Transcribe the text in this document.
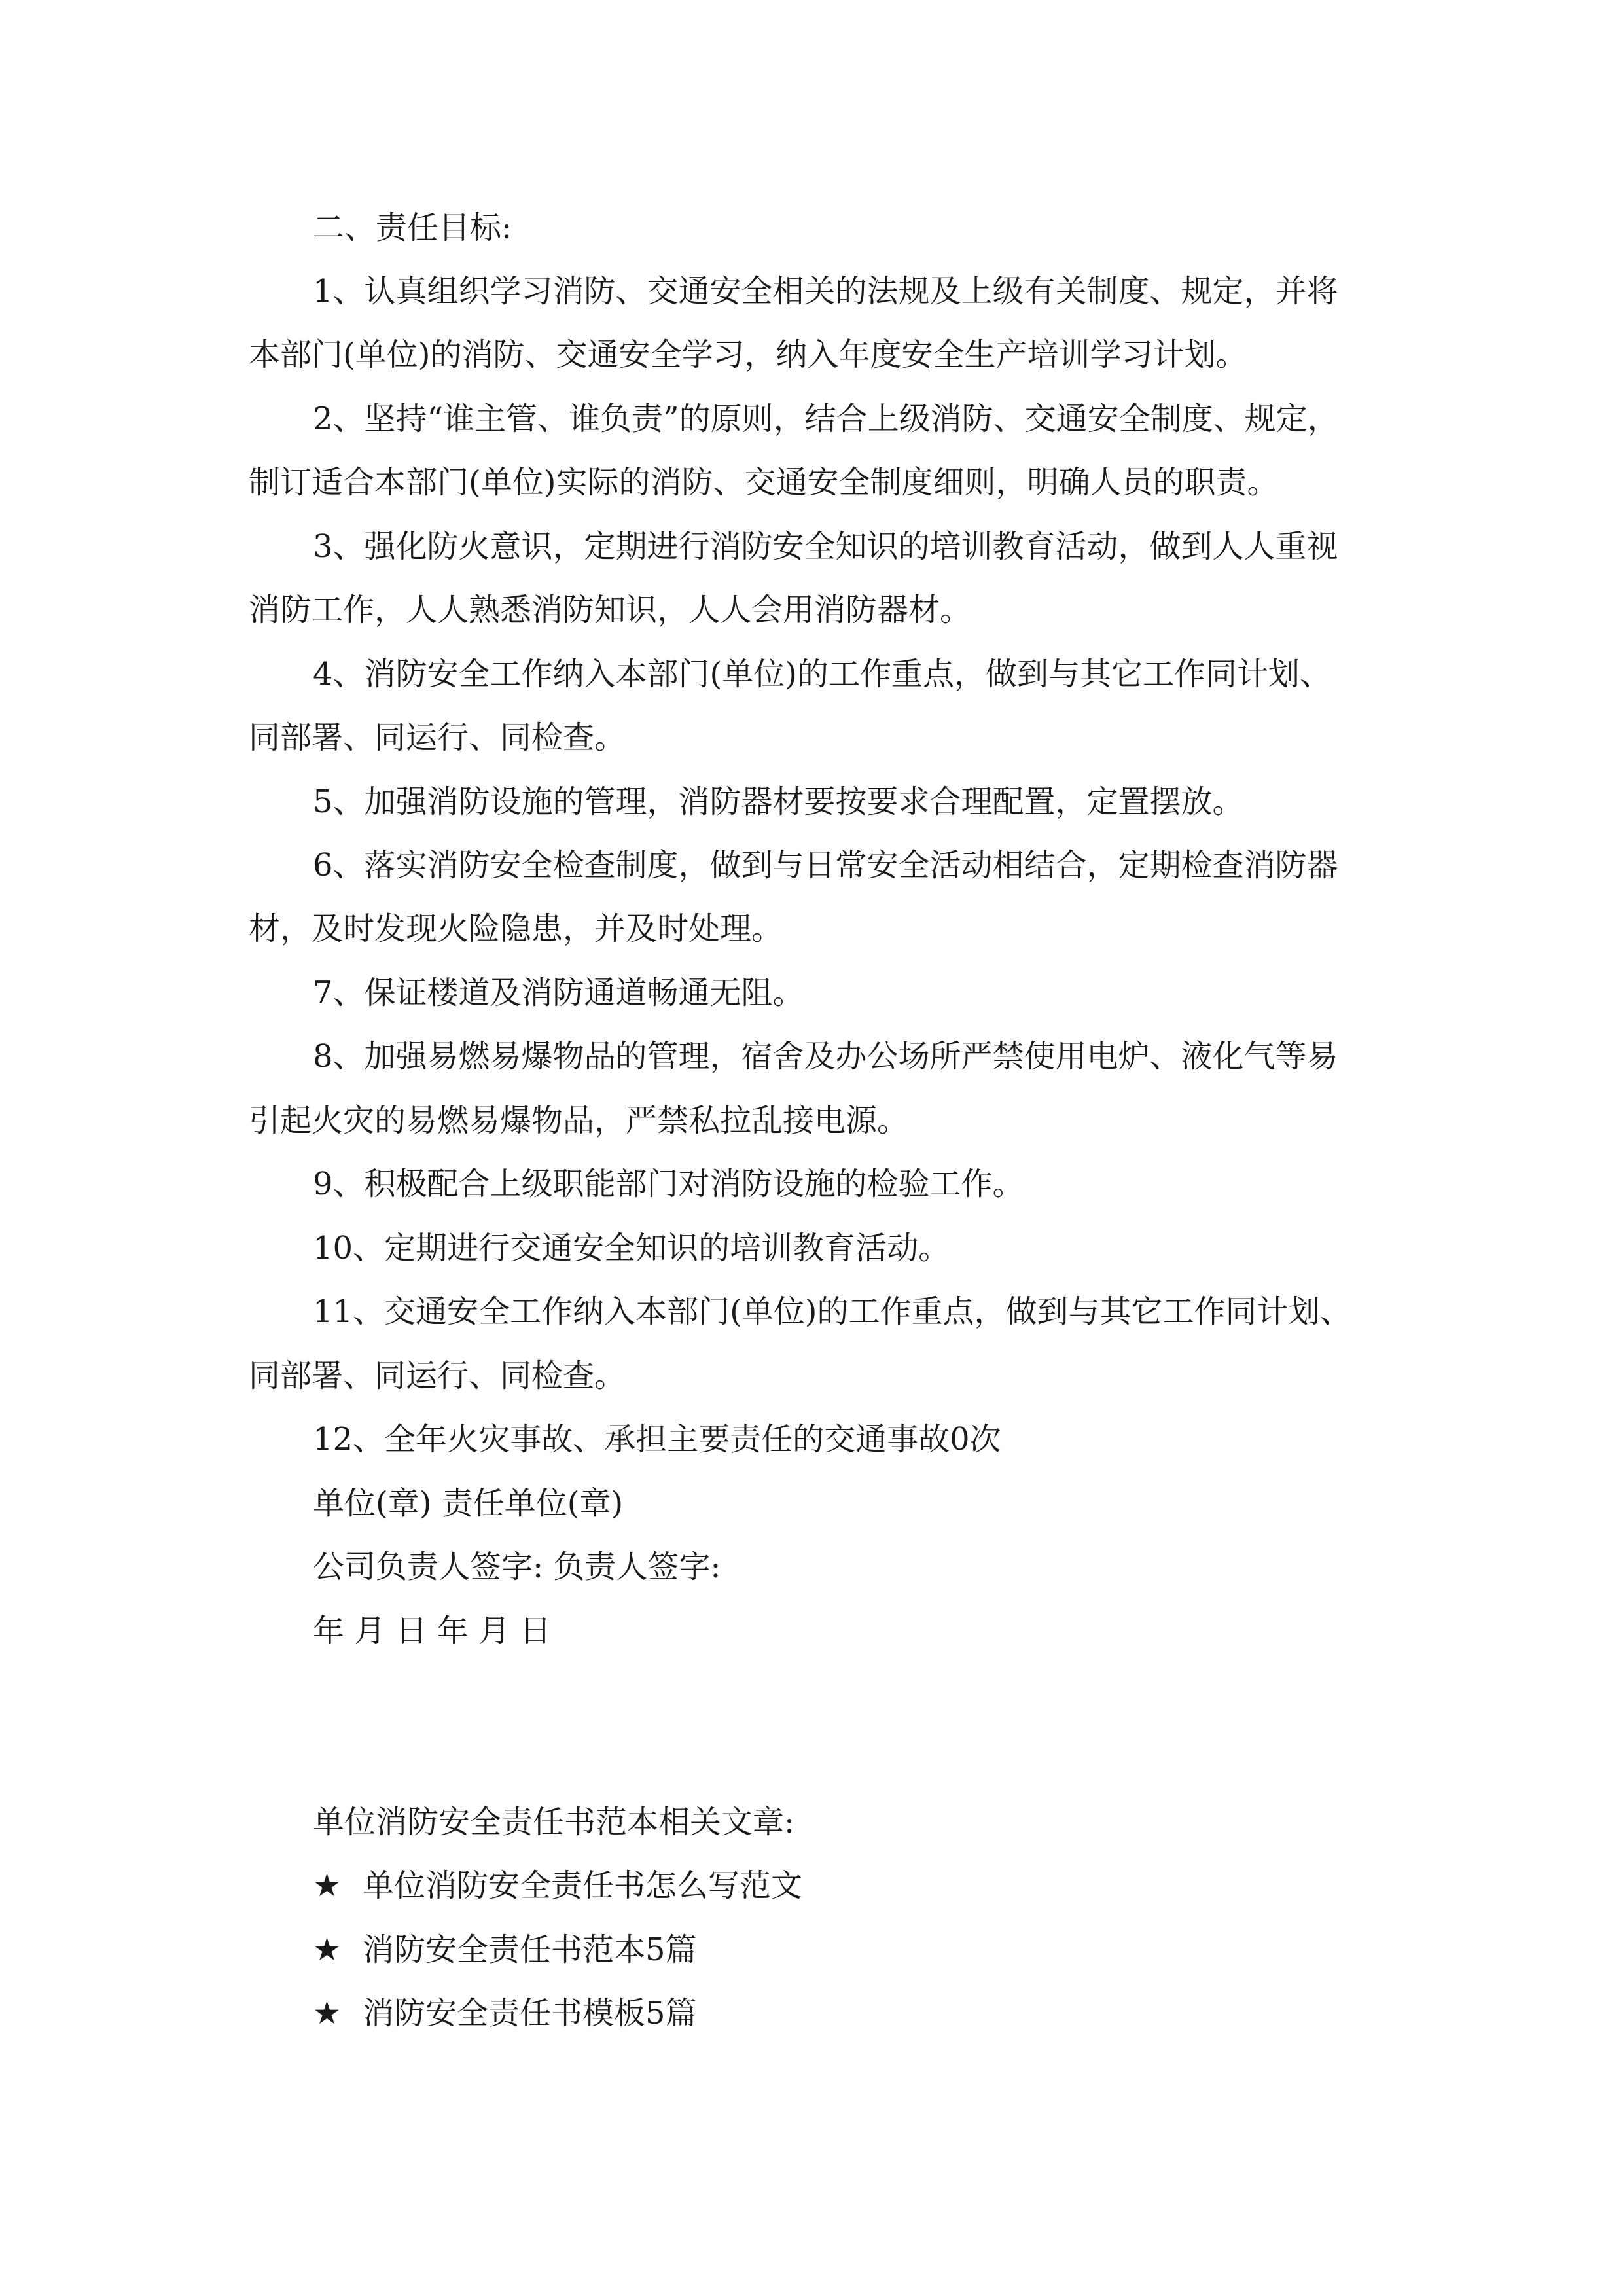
二、责任目标:
1、认真组织学习消防、交通安全相关的法规及上级有关制度、规定，并将
本部门(单位)的消防、交通安全学习，纳入年度安全生产培训学习计划。
2、坚持“谁主管、谁负责”的原则，结合上级消防、交通安全制度、规定，
制订适合本部门(单位)实际的消防、交通安全制度细则，明确人员的职责。
3、强化防火意识，定期进行消防安全知识的培训教育活动，做到人人重视
消防工作，人人熟悉消防知识，人人会用消防器材。
4、消防安全工作纳入本部门(单位)的工作重点，做到与其它工作同计划、
同部署、同运行、同检查。
5、加强消防设施的管理，消防器材要按要求合理配置，定置摆放。
6、落实消防安全检查制度，做到与日常安全活动相结合，定期检查消防器
材，及时发现火险隐患，并及时处理。
7、保证楼道及消防通道畅通无阻。
8、加强易燃易爆物品的管理，宿舍及办公场所严禁使用电炉、液化气等易
引起火灾的易燃易爆物品，严禁私拉乱接电源。
9、积极配合上级职能部门对消防设施的检验工作。
10、定期进行交通安全知识的培训教育活动。
11、交通安全工作纳入本部门(单位)的工作重点，做到与其它工作同计划、
同部署、同运行、同检查。
12、全年火灾事故、承担主要责任的交通事故0次
单位(章) 责任单位(章)
公司负责人签字: 负责人签字:
年 月 日 年 月 日
单位消防安全责任书范本相关文章:
★ 单位消防安全责任书怎么写范文
★ 消防安全责任书范本5篇
★ 消防安全责任书模板5篇
